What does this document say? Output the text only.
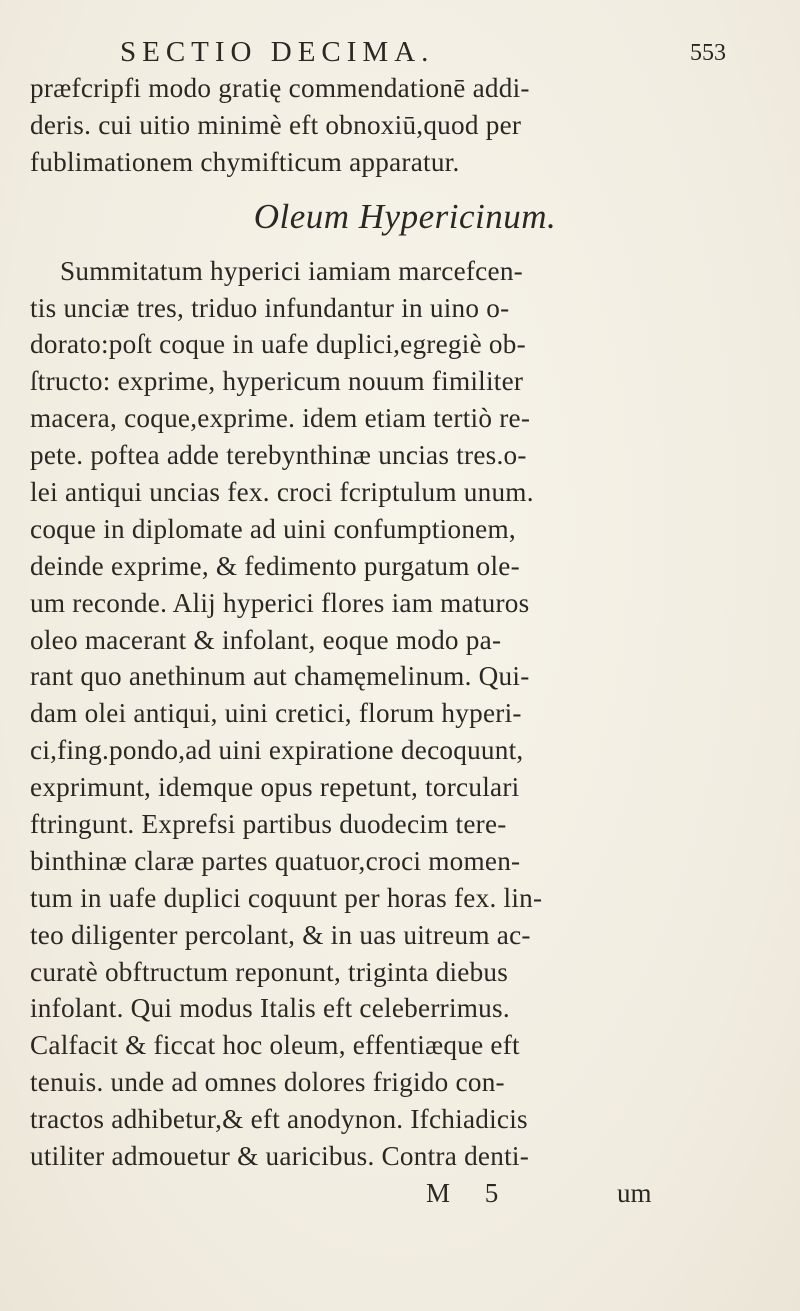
SECTIO DECIMA.	553
præfcripfi modo gratię commendationē addi-
deris. cui uitio minimè eft obnoxiū,quod per
fublimationem chymifticum apparatur.
Oleum Hypericinum.
Summitatum hyperici iamiam marcefcen-
tis unciæ tres, triduo infundantur in uino o-
dorato:poſt coque in uafe duplici,egregiè ob-
ſtructo: exprime, hypericum nouum fimiliter
macera, coque,exprime. idem etiam tertiò re-
pete. poftea adde terebynthinæ uncias tres.o-
lei antiqui uncias fex. croci fcriptulum unum.
coque in diplomate ad uini confumptionem,
deinde exprime, & fedimento purgatum ole-
um reconde. Alij hyperici flores iam maturos
oleo macerant & infolant, eoque modo pa-
rant quo anethinum aut chamęmelinum. Qui-
dam olei antiqui, uini cretici, florum hyperi-
ci,fing.pondo,ad uini expiratione decoquunt,
exprimunt, idemque opus repetunt, torculari
ftringunt. Exprefsi partibus duodecim tere-
binthinæ claræ partes quatuor,croci momen-
tum in uafe duplici coquunt per horas fex. lin-
teo diligenter percolant, & in uas uitreum ac-
curatè obftructum reponunt, triginta diebus
infolant. Qui modus Italis eft celeberrimus.
Calfacit & ficcat hoc oleum, effentiæque eft
tenuis. unde ad omnes dolores frigido con-
tractos adhibetur,& eft anodynon. Ifchiadicis
utiliter admouetur & uaricibus. Contra denti-
M 5	um
